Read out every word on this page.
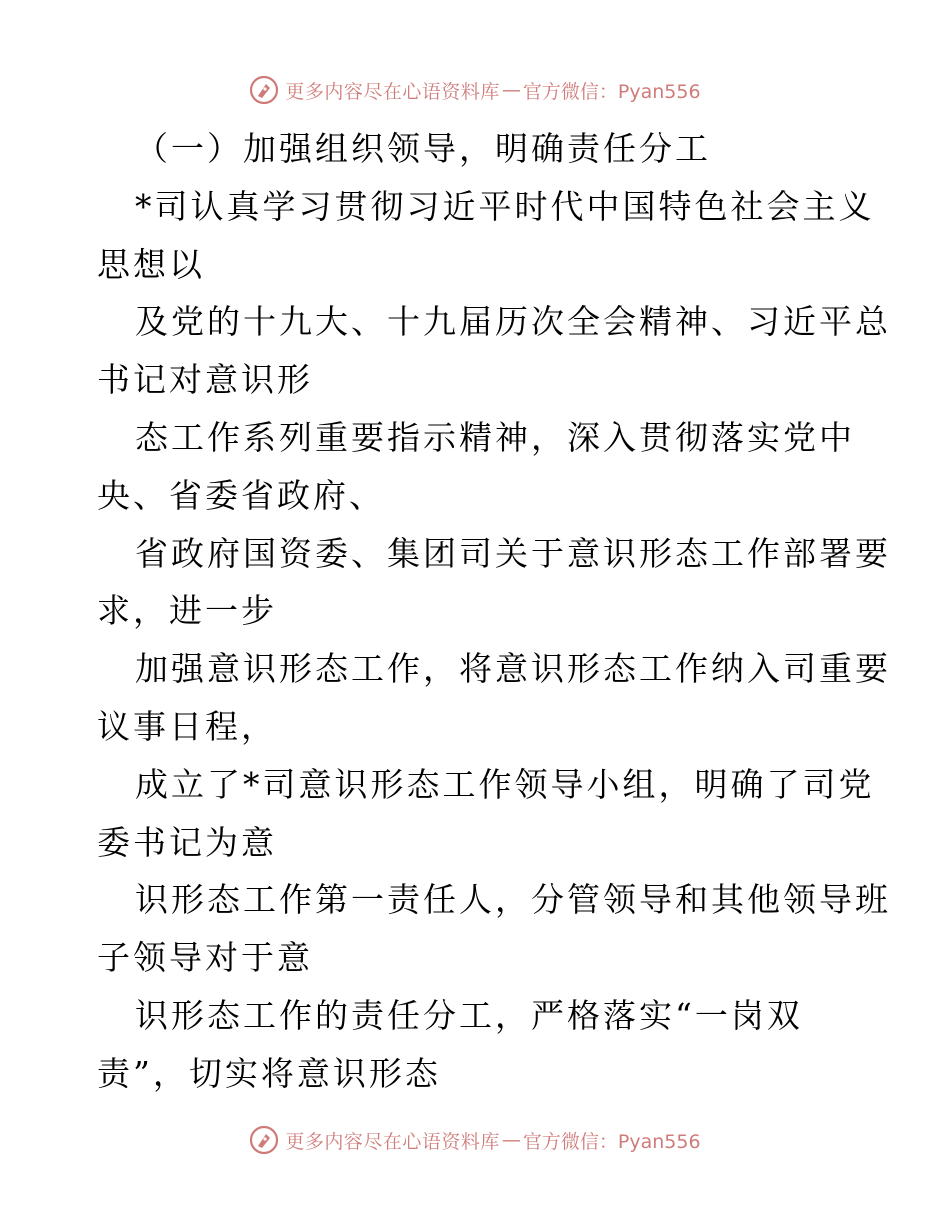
更多内容尽在心语资料库 — 官方微信：Pyan556
（一）加强组织领导，明确责任分工
*司认真学习贯彻习近平时代中国特色社会主义
思想以
及党的十九大、十九届历次全会精神、习近平总
书记对意识形
态工作系列重要指示精神，深入贯彻落实党中
央、省委省政府、
省政府国资委、集团司关于意识形态工作部署要
求，进一步
加强意识形态工作，将意识形态工作纳入司重要
议事日程，
成立了*司意识形态工作领导小组，明确了司党
委书记为意
识形态工作第一责任人，分管领导和其他领导班
子领导对于意
识形态工作的责任分工，严格落实“一岗双
责”，切实将意识形态
更多内容尽在心语资料库 — 官方微信：Pyan556
